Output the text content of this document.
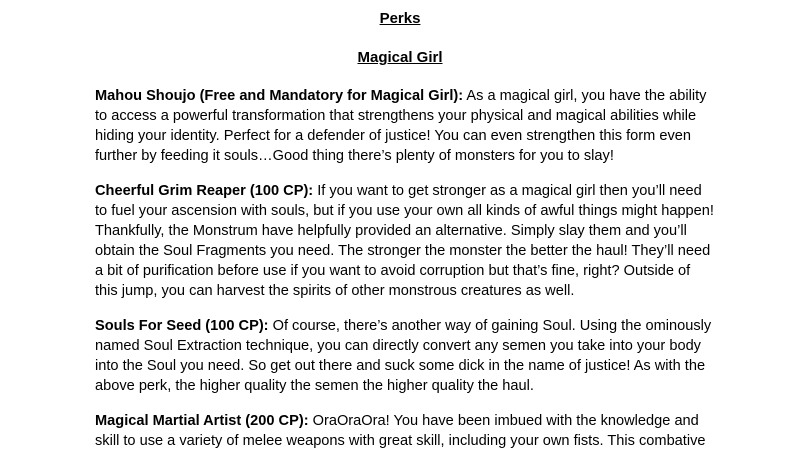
Perks

Magical Girl

Mahou Shoujo (Free and Mandatory for Magical Girl): As a magical girl, you have the ability
to access a powerful transformation that strengthens your physical and magical abilities while
hiding your identity. Perfect for a defender of justice! You can even strengthen this form even
further by feeding it souls…Good thing there’s plenty of monsters for you to slay!

Cheerful Grim Reaper (100 CP): If you want to get stronger as a magical girl then you’ll need
to fuel your ascension with souls, but if you use your own all kinds of awful things might happen!
Thankfully, the Monstrum have helpfully provided an alternative. Simply slay them and you’ll
obtain the Soul Fragments you need. The stronger the monster the better the haul! They’ll need
a bit of purification before use if you want to avoid corruption but that’s fine, right? Outside of
this jump, you can harvest the spirits of other monstrous creatures as well.

Souls For Seed (100 CP): Of course, there’s another way of gaining Soul. Using the ominously
named Soul Extraction technique, you can directly convert any semen you take into your body
into the Soul you need. So get out there and suck some dick in the name of justice! As with the
above perk, the higher quality the semen the higher quality the haul.

Magical Martial Artist (200 CP): OraOraOra! You have been imbued with the knowledge and
skill to use a variety of melee weapons with great skill, including your own fists. This combative
